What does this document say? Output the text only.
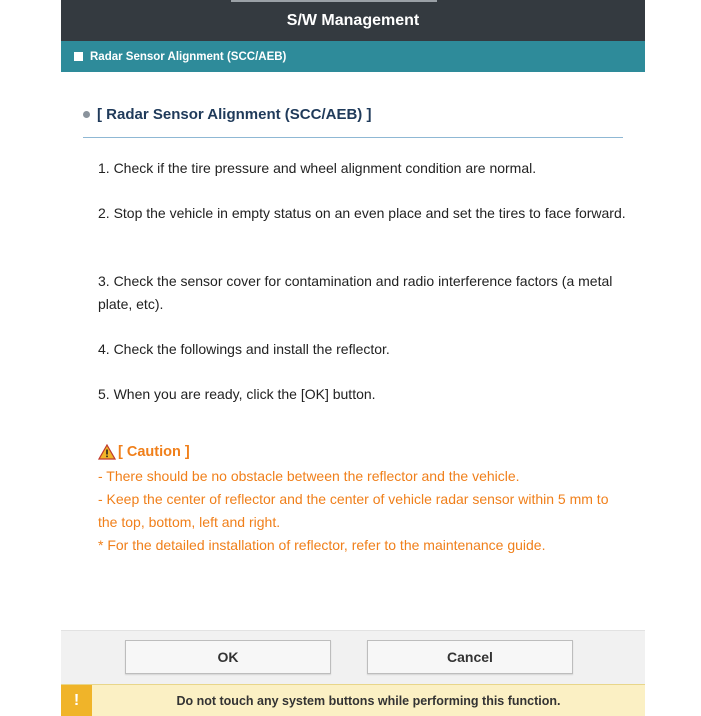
S/W Management
Radar Sensor Alignment (SCC/AEB)
[ Radar Sensor Alignment (SCC/AEB) ]
1. Check if the tire pressure and wheel alignment condition are normal.
2. Stop the vehicle in empty status on an even place and set the tires to face forward.
3. Check the sensor cover for contamination and radio interference factors (a metal plate, etc).
4. Check the followings and install the reflector.
5. When you are ready, click the [OK] button.
[ Caution ]
- There should be no obstacle between the reflector and the vehicle.
- Keep the center of reflector and the center of vehicle radar sensor within 5 mm to the top, bottom, left and right.
* For the detailed installation of reflector, refer to the maintenance guide.
OK	Cancel
!	Do not touch any system buttons while performing this function.
